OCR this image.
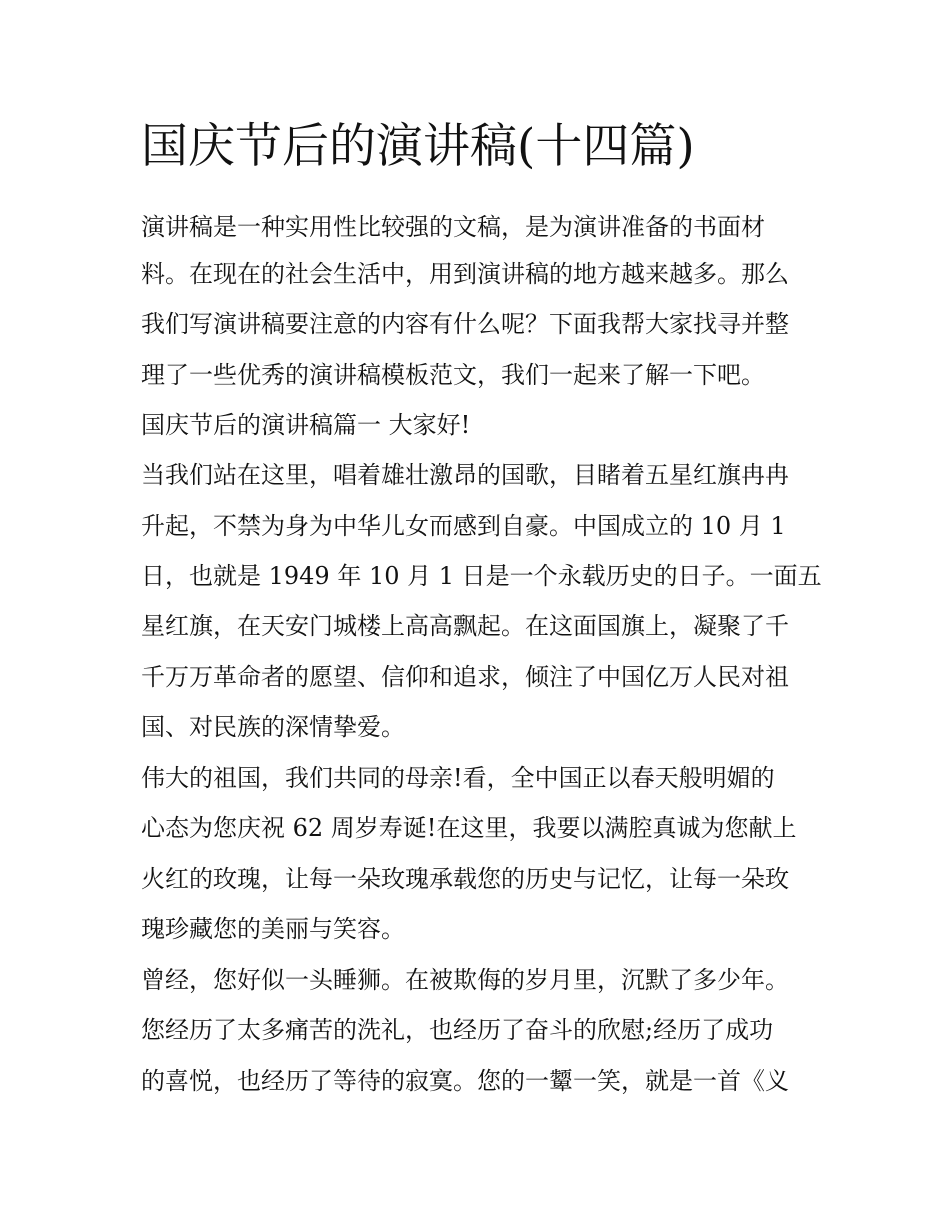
国庆节后的演讲稿(十四篇)

演讲稿是一种实用性比较强的文稿，是为演讲准备的书面材

料。在现在的社会生活中，用到演讲稿的地方越来越多。那么

我们写演讲稿要注意的内容有什么呢？下面我帮大家找寻并整

理了一些优秀的演讲稿模板范文，我们一起来了解一下吧。

国庆节后的演讲稿篇一 大家好!

当我们站在这里，唱着雄壮激昂的国歌，目睹着五星红旗冉冉

升起，不禁为身为中华儿女而感到自豪。中国成立的 10 月 1

日，也就是 1949 年 10 月 1 日是一个永载历史的日子。一面五

星红旗，在天安门城楼上高高飘起。在这面国旗上，凝聚了千

千万万革命者的愿望、信仰和追求，倾注了中国亿万人民对祖

国、对民族的深情挚爱。

伟大的祖国，我们共同的母亲!看，全中国正以春天般明媚的

心态为您庆祝 62 周岁寿诞!在这里，我要以满腔真诚为您献上

火红的玫瑰，让每一朵玫瑰承载您的历史与记忆，让每一朵玫

瑰珍藏您的美丽与笑容。

曾经，您好似一头睡狮。在被欺侮的岁月里，沉默了多少年。

您经历了太多痛苦的洗礼，也经历了奋斗的欣慰;经历了成功

的喜悦，也经历了等待的寂寞。您的一颦一笑，就是一首《义
